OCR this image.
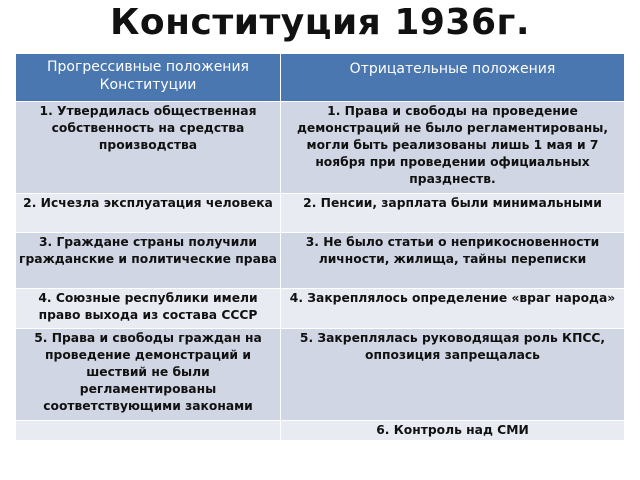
Конституция 1936г.
Прогрессивные положения Конституции	Отрицательные положения
1. Утвердилась общественная собственность на средства производства	1. Права и свободы на проведение демонстраций не было регламентированы, могли быть реализованы лишь 1 мая и 7 ноября при проведении официальных празднеств.
2. Исчезла эксплуатация человека	2. Пенсии, зарплата были минимальными
3. Граждане страны получили гражданские и политические права	3. Не было статьи о неприкосновенности личности, жилища, тайны переписки
4. Союзные республики имели право выхода из состава СССР	4. Закреплялось определение «враг народа»
5. Права и свободы граждан на проведение демонстраций и шествий не были регламентированы соответствующими законами	5. Закреплялась руководящая роль КПСС, оппозиция запрещалась
	6. Контроль над СМИ
